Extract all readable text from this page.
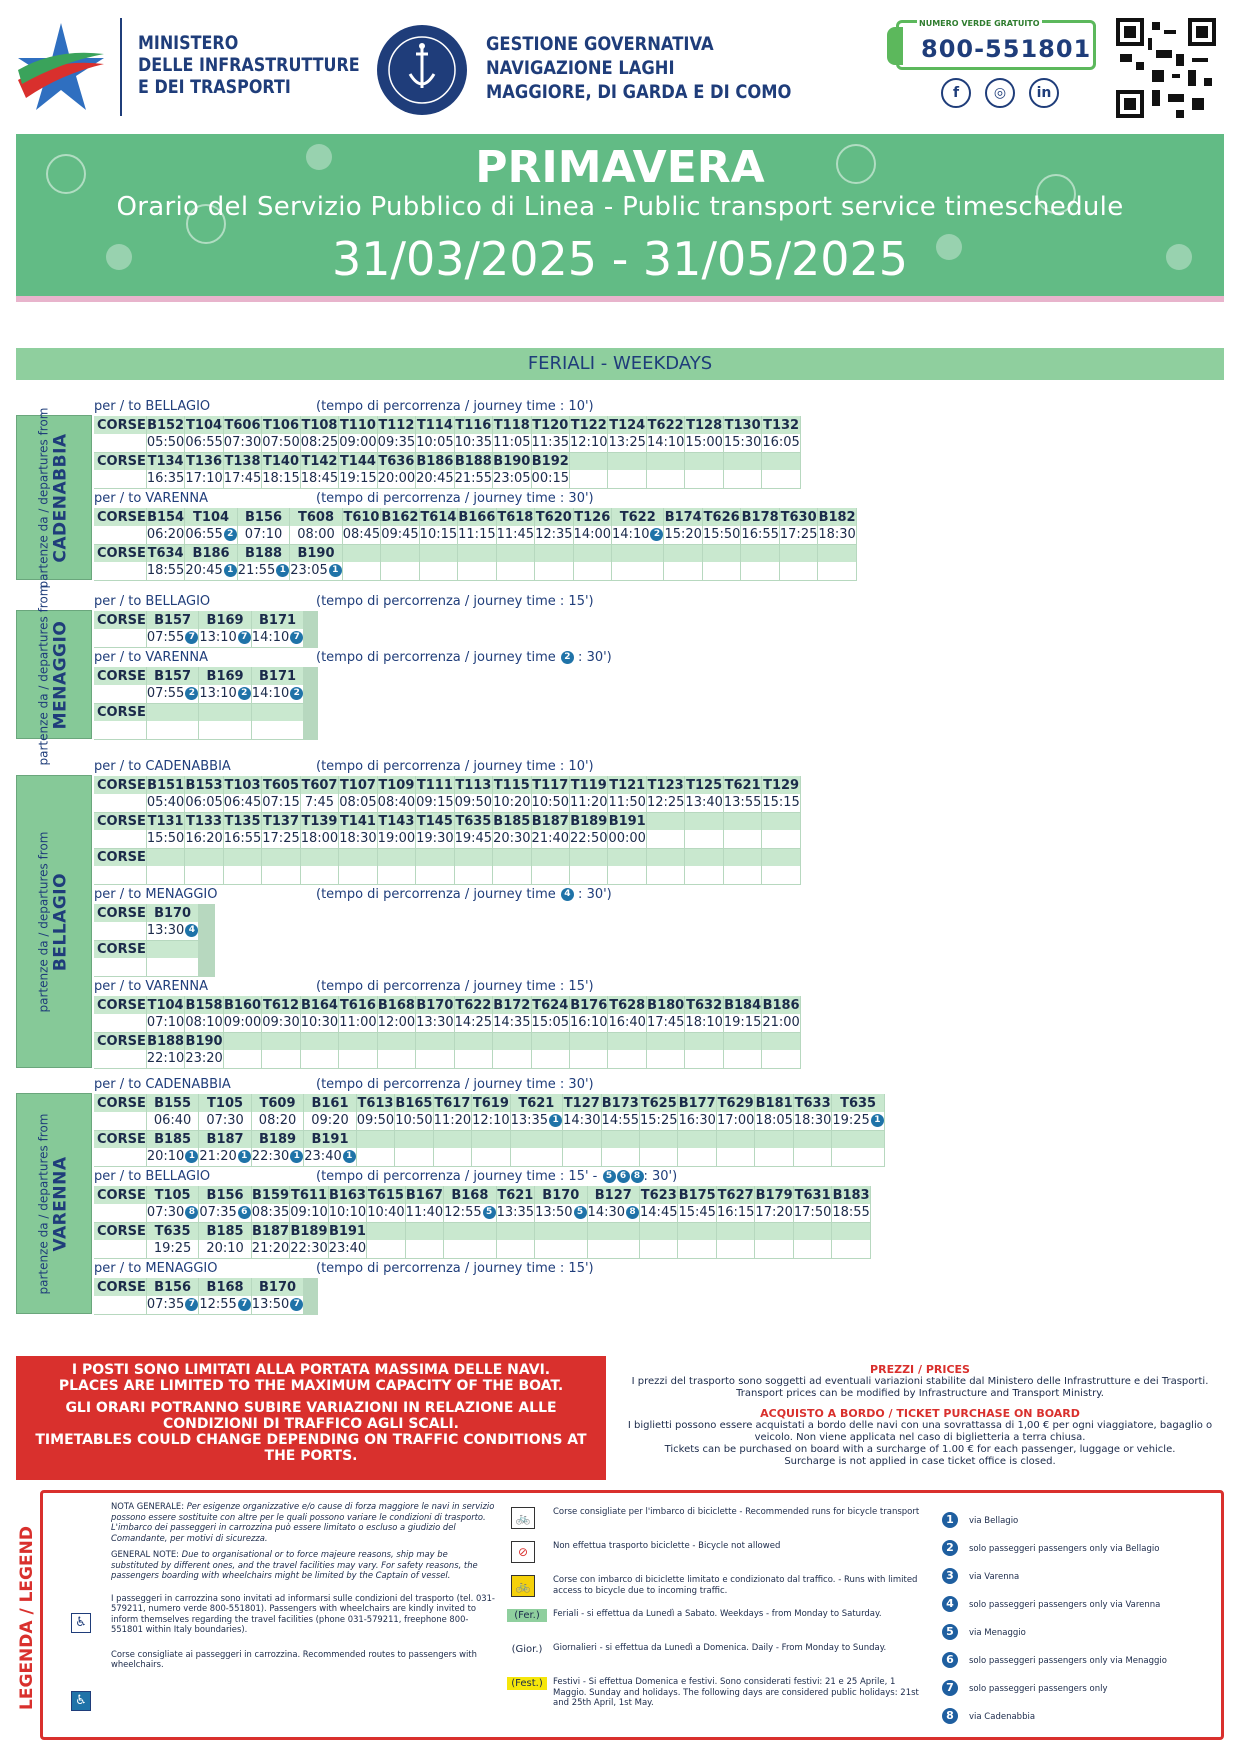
MINISTERO
DELLE INFRASTRUTTURE
E DEI TRASPORTI
GESTIONE GOVERNATIVA
NAVIGAZIONE LAGHI
MAGGIORE, DI GARDA E DI COMO
NUMERO VERDE GRATUITO
800-551801
f	◎	in
PRIMAVERA
Orario del Servizio Pubblico di Linea - Public transport service timeschedule
31/03/2025 - 31/05/2025
FERIALI - WEEKDAYS
partenze da / departures from CADENABBIA
per / to BELLAGIO	(tempo di percorrenza / journey time : 10')
CORSE	B152	T104	T606	T106	T108	T110	T112	T114	T116	T118	T120	T122	T124	T622	T128	T130	T132
	05:50	06:55	07:30	07:50	08:25	09:00	09:35	10:05	10:35	11:05	11:35	12:10	13:25	14:10	15:00	15:30	16:05
CORSE	T134	T136	T138	T140	T142	T144	T636	B186	B188	B190	B192						
	16:35	17:10	17:45	18:15	18:45	19:15	20:00	20:45	21:55	23:05	00:15						
per / to VARENNA	(tempo di percorrenza / journey time : 30')
CORSE	B154	T104	B156	T608	T610	B162	T614	B166	T618	T620	T126	T622	B174	T626	B178	T630	B182
	06:20	06:55 2	07:10	08:00	08:45	09:45	10:15	11:15	11:45	12:35	14:00	14:10 2	15:20	15:50	16:55	17:25	18:30
CORSE	T634	B186	B188	B190													
	18:55	20:45 1	21:55 1	23:05 1													
partenze da / departures from MENAGGIO
per / to BELLAGIO	(tempo di percorrenza / journey time : 15')
CORSE	B157	B169	B171														
	07:55 7	13:10 7	14:10 7														
per / to VARENNA	(tempo di percorrenza / journey time 2 : 30')
CORSE	B157	B169	B171														
	07:55 2	13:10 2	14:10 2														
CORSE																	

partenze da / departures from BELLAGIO
per / to CADENABBIA	(tempo di percorrenza / journey time : 10')
CORSE	B151	B153	T103	T605	T607	T107	T109	T111	T113	T115	T117	T119	T121	T123	T125	T621	T129
	05:40	06:05	06:45	07:15	7:45	08:05	08:40	09:15	09:50	10:20	10:50	11:20	11:50	12:25	13:40	13:55	15:15
CORSE	T131	T133	T135	T137	T139	T141	T143	T145	T635	B185	B187	B189	B191				
	15:50	16:20	16:55	17:25	18:00	18:30	19:00	19:30	19:45	20:30	21:40	22:50	00:00				
CORSE																	

per / to MENAGGIO	(tempo di percorrenza / journey time 4 : 30')
CORSE	B170																
	13:30 4																
CORSE																	

per / to VARENNA	(tempo di percorrenza / journey time : 15')
CORSE	T104	B158	B160	T612	B164	T616	B168	B170	T622	B172	T624	B176	T628	B180	T632	B184	B186
	07:10	08:10	09:00	09:30	10:30	11:00	12:00	13:30	14:25	14:35	15:05	16:10	16:40	17:45	18:10	19:15	21:00
CORSE	B188	B190															
	22:10	23:20															
partenze da / departures from VARENNA
per / to CADENABBIA	(tempo di percorrenza / journey time : 30')
CORSE	B155	T105	T609	B161	T613	B165	T617	T619	T621	T127	B173	T625	B177	T629	B181	T633	T635
	06:40	07:30	08:20	09:20	09:50	10:50	11:20	12:10	13:35 1	14:30	14:55	15:25	16:30	17:00	18:05	18:30	19:25 1
CORSE	B185	B187	B189	B191													
	20:10 1	21:20 1	22:30 1	23:40 1													
per / to BELLAGIO	(tempo di percorrenza / journey time : 15' - 5 6 8 : 30')
CORSE	T105	B156	B159	T611	B163	T615	B167	B168	T621	B170	B127	T623	B175	T627	B179	T631	B183
	07:30 8	07:35 6	08:35	09:10	10:10	10:40	11:40	12:55 5	13:35	13:50 5	14:30 8	14:45	15:45	16:15	17:20	17:50	18:55
CORSE	T635	B185	B187	B189	B191												
	19:25	20:10	21:20	22:30	23:40												
per / to MENAGGIO	(tempo di percorrenza / journey time : 15')
CORSE	B156	B168	B170														
	07:35 7	12:55 7	13:50 7														

I POSTI SONO LIMITATI ALLA PORTATA MASSIMA DELLE NAVI.
PLACES ARE LIMITED TO THE MAXIMUM CAPACITY OF THE BOAT.

GLI ORARI POTRANNO SUBIRE VARIAZIONI IN RELAZIONE ALLE
CONDIZIONI DI TRAFFICO AGLI SCALI.
TIMETABLES COULD CHANGE DEPENDING ON TRAFFIC CONDITIONS AT
THE PORTS.

PREZZI / PRICES
I prezzi del trasporto sono soggetti ad eventuali variazioni stabilite dal Ministero delle Infrastrutture e dei Trasporti.
Transport prices can be modified by Infrastructure and Transport Ministry.
ACQUISTO A BORDO / TICKET PURCHASE ON BOARD
I biglietti possono essere acquistati a bordo delle navi con una sovrattassa di 1,00 € per ogni viaggiatore, bagaglio o
veicolo. Non viene applicata nel caso di biglietteria a terra chiusa.
Tickets can be purchased on board with a surcharge of 1.00 € for each passenger, luggage or vehicle.
Surcharge is not applied in case ticket office is closed.
LEGENDA / LEGEND

NOTA GENERALE: Per esigenze organizzative e/o cause di forza maggiore le navi in servizio possono essere sostituite con altre per le quali possono variare le condizioni di trasporto. L'imbarco dei passeggeri in carrozzina può essere limitato o escluso a giudizio del Comandante, per motivi di sicurezza.

GENERAL NOTE: Due to organisational or to force majeure reasons, ship may be substituted by different ones, and the travel facilities may vary. For safety reasons, the passengers boarding with wheelchairs might be limited by the Captain of vessel.

I passeggeri in carrozzina sono invitati ad informarsi sulle condizioni del trasporto (tel. 031-579211, numero verde 800-551801). Passengers with wheelchairs are kindly invited to inform themselves regarding the travel facilities (phone 031-579211, freephone 800-551801 within Italy boundaries).

Corse consigliate ai passeggeri in carrozzina. Recommended routes to passengers with wheelchairs.

♿
♿
🚲	Corse consigliate per l'imbarco di biciclette - Recommended runs for bicycle transport
⊘	Non effettua trasporto biciclette - Bicycle not allowed
🚲	Corse con imbarco di biciclette limitato e condizionato dal traffico. - Runs with limited access to bicycle due to incoming traffic.
(Fer.)	Feriali - si effettua da Lunedì a Sabato. Weekdays - from Monday to Saturday.
(Gior.)	Giornalieri - si effettua da Lunedì a Domenica. Daily - From Monday to Sunday.
(Fest.)	Festivi - Si effettua Domenica e festivi. Sono considerati festivi: 21 e 25 Aprile, 1 Maggio. Sunday and holidays. The following days are considered public holidays: 21st and 25th April, 1st May.
1	via Bellagio
2	solo passeggeri passengers only via Bellagio
3	via Varenna
4	solo passeggeri passengers only via Varenna
5	via Menaggio
6	solo passeggeri passengers only via Menaggio
7	solo passeggeri passengers only
8	via Cadenabbia
